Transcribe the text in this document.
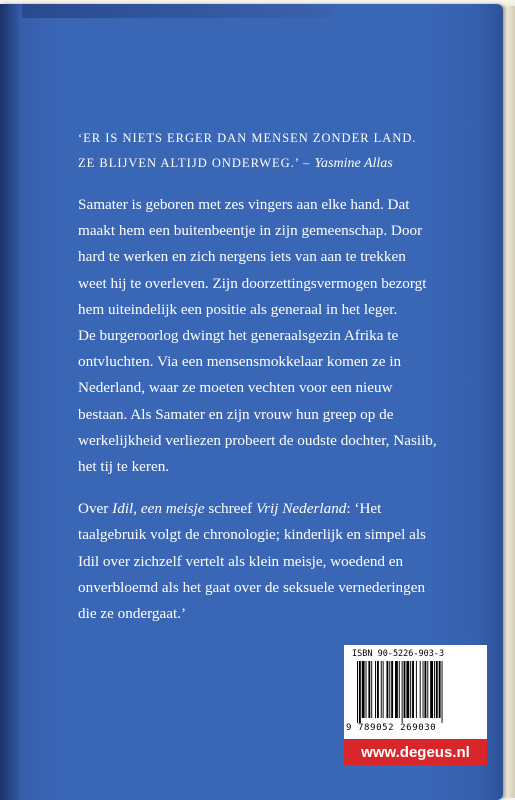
‘ER IS NIETS ERGER DAN MENSEN ZONDER LAND.
ZE BLIJVEN ALTIJD ONDERWEG.’ – Yasmine Allas

Samater is geboren met zes vingers aan elke hand. Dat maakt hem een buitenbeentje in zijn gemeenschap. Door hard te werken en zich nergens iets van aan te trekken weet hij te overleven. Zijn doorzettingsvermogen bezorgt hem uiteindelijk een positie als generaal in het leger.

De burgeroorlog dwingt het generaalsgezin Afrika te ontvluchten. Via een mensensmokkelaar komen ze in Nederland, waar ze moeten vechten voor een nieuw bestaan. Als Samater en zijn vrouw hun greep op de werkelijkheid verliezen probeert de oudste dochter, Nasiib, het tij te keren.

Over Idil, een meisje schreef Vrij Nederland: ‘Het taalgebruik volgt de chronologie; kinderlijk en simpel als Idil over zichzelf vertelt als klein meisje, woedend en onverbloemd als het gaat over de seksuele vernederingen die ze ondergaat.’

ISBN 90-5226-903-3
9 789052 269030
www.degeus.nl
